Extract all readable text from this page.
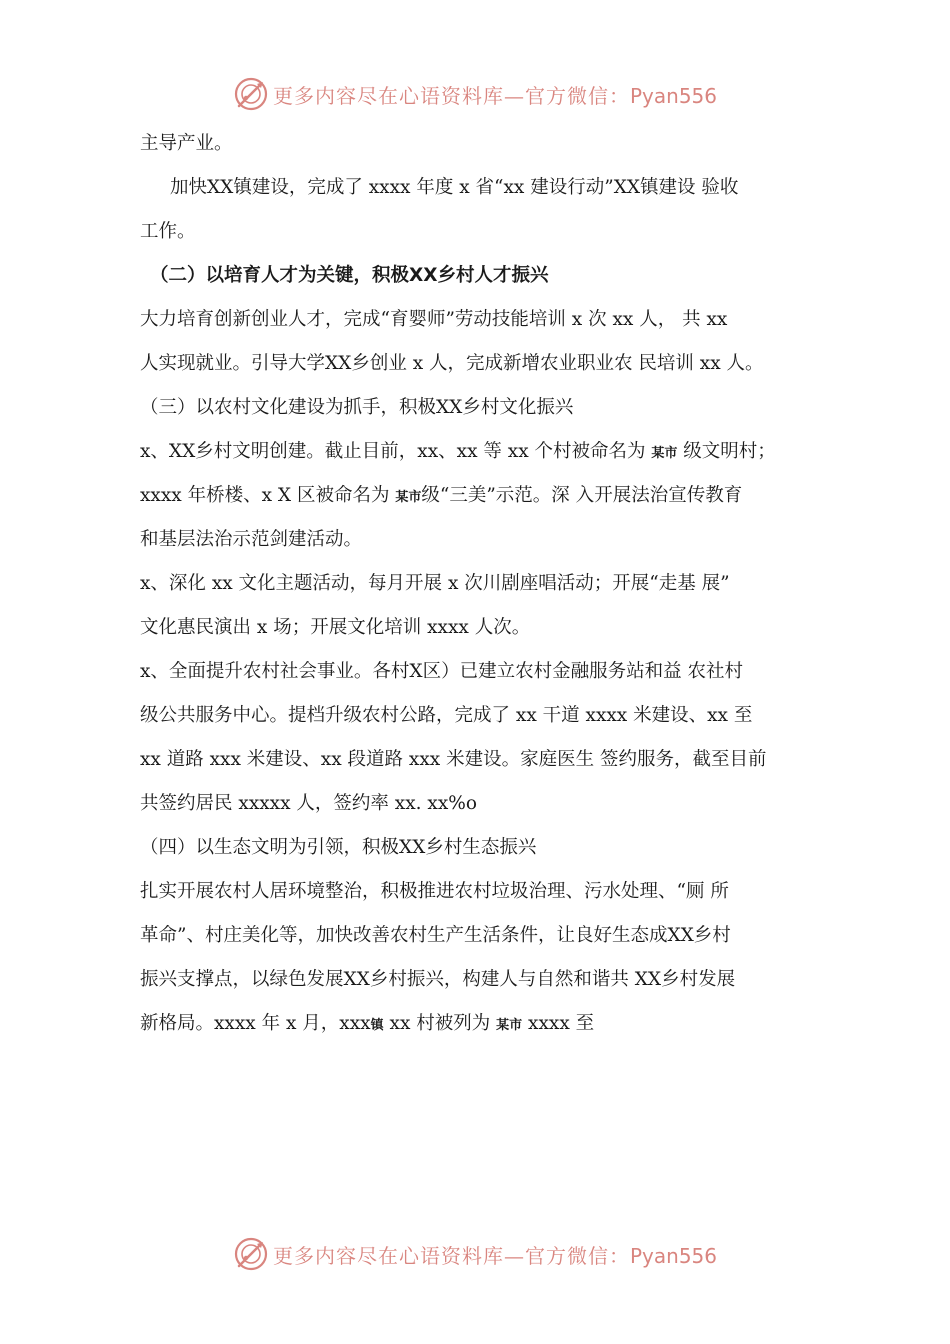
更多内容尽在心语资料库—官方微信：Pyan556
主导产业。
加快XX镇建设，完成了 xxxx 年度 x 省“xx 建设行动”XX镇建设 验收
工作。
（二）以培育人才为关键，积极XX乡村人才振兴
大力培育创新创业人才，完成“育婴师”劳动技能培训 x 次 xx 人， 共 xx
人实现就业。引导大学XX乡创业 x 人，完成新增农业职业农 民培训 xx 人。
（三）以农村文化建设为抓手，积极XX乡村文化振兴
x、XX乡村文明创建。截止目前，xx、xx 等 xx 个村被命名为 某市 级文明村；
xxxx 年桥楼、x X 区被命名为 某市级“三美”示范。深 入开展法治宣传教育
和基层法治示范剑建活动。
x、深化 xx 文化主题活动，每月开展 x 次川剧座唱活动；开展“走基 展”
文化惠民演出 x 场；开展文化培训 xxxx 人次。
x、全面提升农村社会事业。各村X区）已建立农村金融服务站和益 农社村
级公共服务中心。提档升级农村公路，完成了 xx 干道 xxxx 米建设、xx 至
xx 道路 xxx 米建设、xx 段道路 xxx 米建设。家庭医生 签约服务，截至目前
共签约居民 xxxxx 人，签约率 xx. xx%o
（四）以生态文明为引领，积极XX乡村生态振兴
扎实开展农村人居环境整治，积极推进农村垃圾治理、污水处理、“厕 所
革命”、村庄美化等，加快改善农村生产生活条件，让良好生态成XX乡村
振兴支撑点，以绿色发展XX乡村振兴，构建人与自然和谐共 XX乡村发展
新格局。xxxx 年 x 月，xxx镇 xx 村被列为 某市 xxxx 至
更多内容尽在心语资料库—官方微信：Pyan556
